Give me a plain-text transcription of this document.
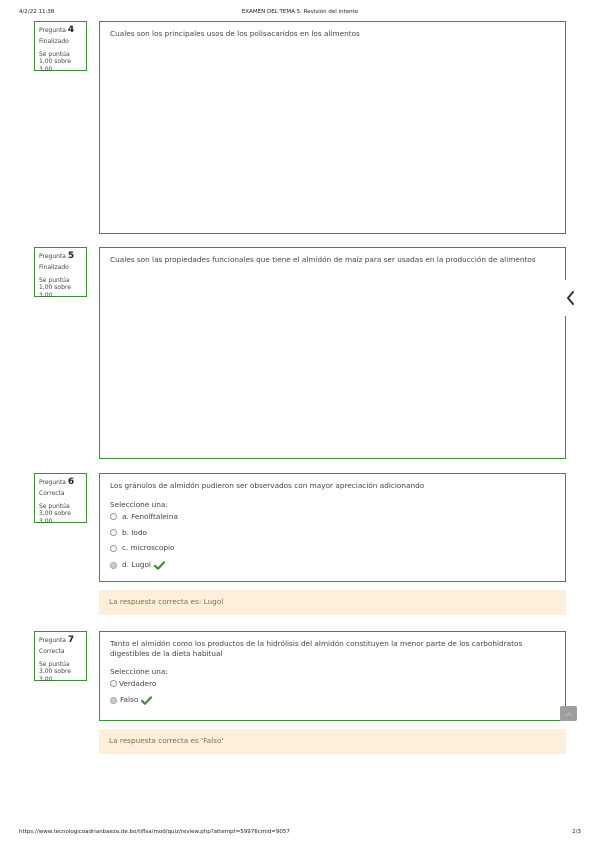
4/2/22 11:38	EXAMEN DEL TEMA 5: Revisión del intento
Pregunta 4
Finalizado
Se puntúa 1,00 sobre 3,00
Cuales son los principales usos de los polisacaridos en los alimentos
Pregunta 5
Finalizado
Se puntúa 1,00 sobre 3,00
Cuales son las propiedades funcionales que tiene el almidón de maíz para ser usadas en la producción de alimentos
Pregunta 6
Correcta
Se puntúa 3,00 sobre 3,00
Los gránulos de almidón pudieron ser observados con mayor apreciación adicionando
Seleccione una:
a. Fenolftaleina
b. Iodo
c. microscopio
d. Lugol
La respuesta correcta es: Lugol
Pregunta 7
Correcta
Se puntúa 3,00 sobre 3,00
Tanto el almidón como los productos de la hidrólisis del almidón constituyen la menor parte de los carbohidratos digestibles de la dieta habitual
Seleccione una:
Verdadero
Falso
La respuesta correcta es 'Falso'
https://www.tecnologicoadrianbaeza.de.bo/tiflsa/mod/quiz/review.php?attempt=59976cmid=9057	2/3
